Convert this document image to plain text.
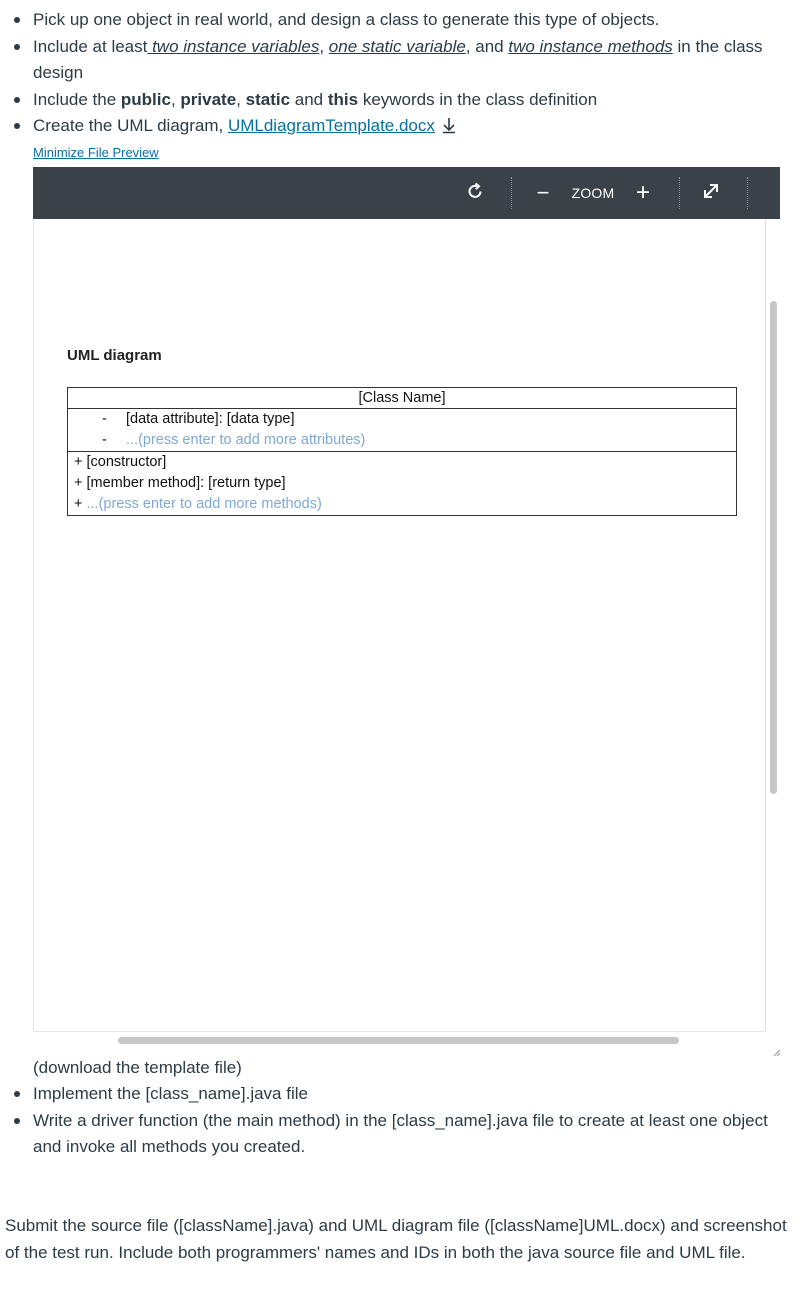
Pick up one object in real world, and design a class to generate this type of objects.
Include at least two instance variables, one static variable, and two instance methods in the class design
Include the public, private, static and this keywords in the class definition
Create the UML diagram, UMLdiagramTemplate.docx
Minimize File Preview
−	ZOOM +
UML diagram
[Class Name]
- [data attribute]: [data type]
- ...(press enter to add more attributes)
+ [constructor]
+ [member method]: [return type]
+ ...(press enter to add more methods)
(download the template file)
Implement the [class_name].java file
Write a driver function (the main method) in the [class_name].java file to create at least one object and invoke all methods you created.
Submit the source file ([className].java) and UML diagram file ([className]UML.docx) and screenshot of the test run. Include both programmers' names and IDs in both the java source file and UML file.
